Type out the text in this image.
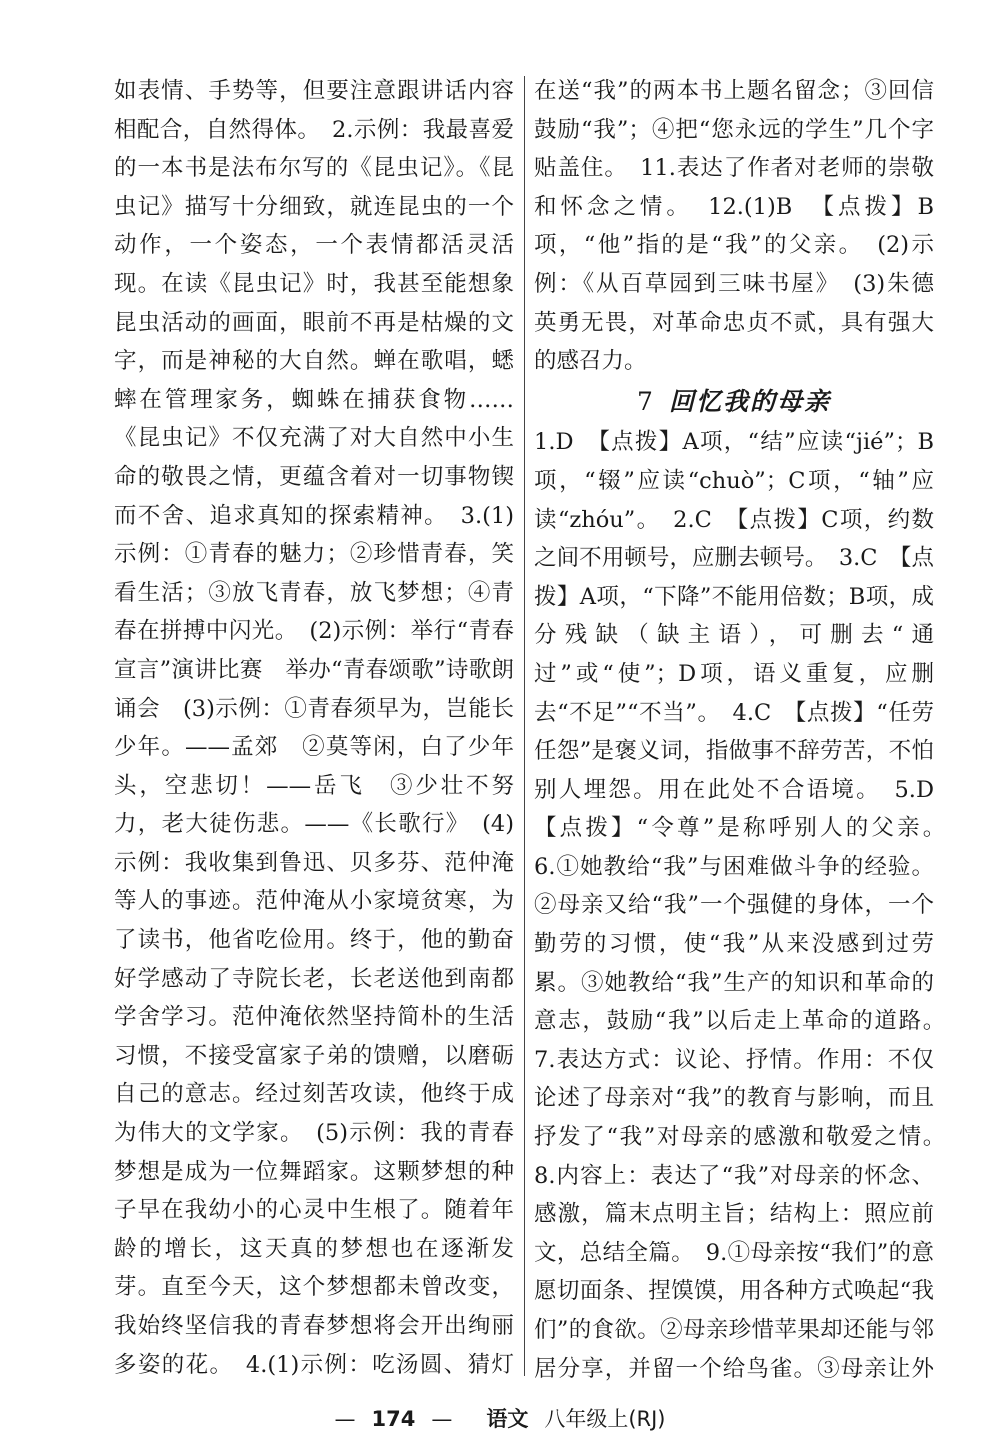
如表情、手势等，但要注意跟讲话内容相配合，自然得体。　2.示例：我最喜爱的一本书是法布尔写的《昆虫记》。《昆虫记》描写十分细致，就连昆虫的一个动作，一个姿态，一个表情都活灵活现。在读《昆虫记》时，我甚至能想象昆虫活动的画面，眼前不再是枯燥的文字，而是神秘的大自然。蝉在歌唱，蟋蟀在管理家务，蜘蛛在捕获食物……《昆虫记》不仅充满了对大自然中小生命的敬畏之情，更蕴含着对一切事物锲而不舍、追求真知的探索精神。　3.(1)示例：①青春的魅力；②珍惜青春，笑看生活；③放飞青春，放飞梦想；④青春在拼搏中闪光。　(2)示例：举行“青春宣言”演讲比赛　举办“青春颂歌”诗歌朗诵会　(3)示例：①青春须早为，岂能长少年。——孟郊　②莫等闲，白了少年头，空悲切！——岳飞　③少壮不努力，老大徒伤悲。——《长歌行》　(4)示例：我收集到鲁迅、贝多芬、范仲淹等人的事迹。范仲淹从小家境贫寒，为了读书，他省吃俭用。终于，他的勤奋好学感动了寺院长老，长老送他到南都学舍学习。范仲淹依然坚持简朴的生活习惯，不接受富家子弟的馈赠，以磨砺自己的意志。经过刻苦攻读，他终于成为伟大的文学家。　(5)示例：我的青春梦想是成为一位舞蹈家。这颗梦想的种子早在我幼小的心灵中生根了。随着年龄的增长，这天真的梦想也在逐渐发芽。直至今天，这个梦想都未曾改变，我始终坚信我的青春梦想将会开出绚丽多姿的花。　4.(1)示例：吃汤圆、猜灯　

在送“我”的两本书上题名留念；③回信鼓励“我”；④把“您永远的学生”几个字贴盖住。　11.表达了作者对老师的崇敬和怀念之情。　12.(1)B　【点拨】B项，“他”指的是“我”的父亲。　(2)示例：《从百草园到三味书屋》　(3)朱德　英勇无畏，对革命忠贞不贰，具有强大的感召力。

7 回忆我的母亲

1.D　【点拨】A项，“结”应读“jié”；B项，“辍”应读“chuò”；C项，“轴”应读“zhóu”。　2.C　【点拨】C项，约数之间不用顿号，应删去顿号。　3.C　【点拨】A项，“下降”不能用倍数；B项，成分残缺（缺主语），可删去“通过”或“使”；D项，语义重复，应删去“不足”“不当”。　4.C　【点拨】“任劳任怨”是褒义词，指做事不辞劳苦，不怕别人埋怨。用在此处不合语境。　5.D　【点拨】“令尊”是称呼别人的父亲。　6.①她教给“我”与困难做斗争的经验。②母亲又给“我”一个强健的身体，一个勤劳的习惯，使“我”从来没感到过劳累。③她教给“我”生产的知识和革命的意志，鼓励“我”以后走上革命的道路。　7.表达方式：议论、抒情。作用：不仅论述了母亲对“我”的教育与影响，而且抒发了“我”对母亲的感激和敬爱之情。　8.内容上：表达了“我”对母亲的怀念、感激，篇末点明主旨；结构上：照应前文，总结全篇。　9.①母亲按“我们”的意愿切面条、捏馍馍，用各种方式唤起“我们”的食欲。②母亲珍惜苹果却还能与邻居分享，并留一个给鸟雀。③母亲让外　　　　　　　

— 174 — 语文 八年级上(RJ)
